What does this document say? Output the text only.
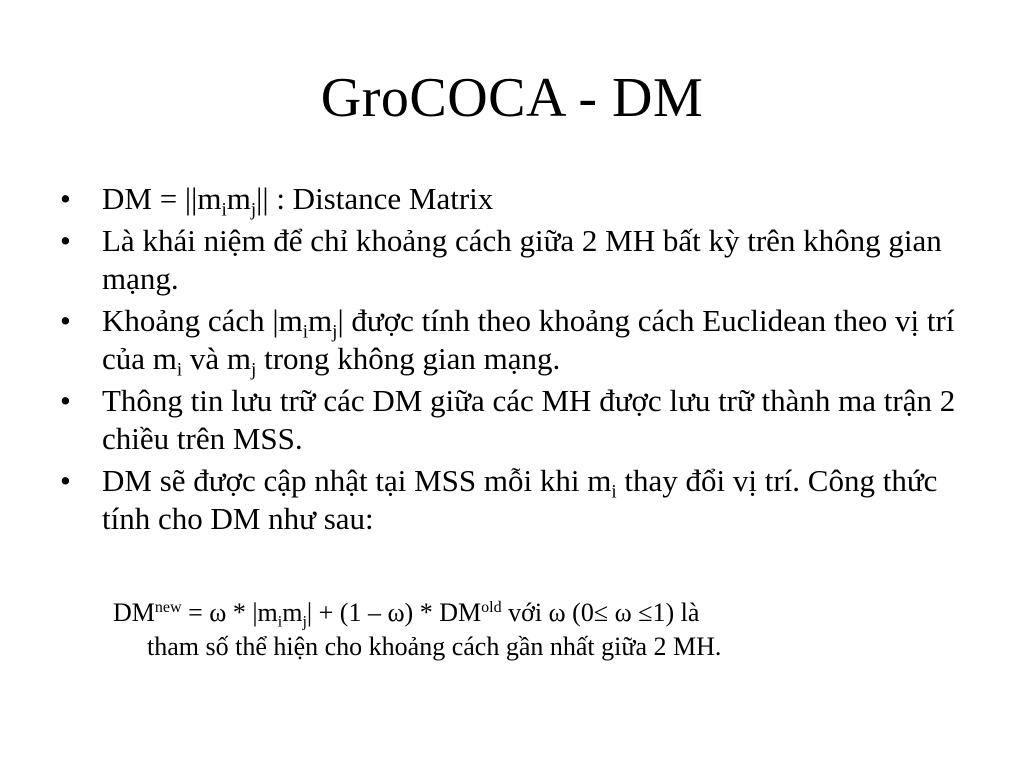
GroCOCA - DM
• DM = $||m_im_j||$ : Distance Matrix
• Là khái niệm để chỉ khoảng cách giữa 2 MH bất kỳ trên không gian mạng.
• Khoảng cách $|m_im_j|$ được tính theo khoảng cách Euclidean theo vị trí của $m_i$ và $m_j$ trong không gian mạng.
• Thông tin lưu trữ các DM giữa các MH được lưu trữ thành ma trận 2 chiều trên MSS.
• DM sẽ được cập nhật tại MSS mỗi khi $m_i$ thay đổi vị trí. Công thức tính cho DM như sau:
$DM^{new} = \omega * |m_im_j| + (1 - \omega) * DM^{old}$ với ω (0≤ ω ≤1) là
tham số thể hiện cho khoảng cách gần nhất giữa 2 MH.
